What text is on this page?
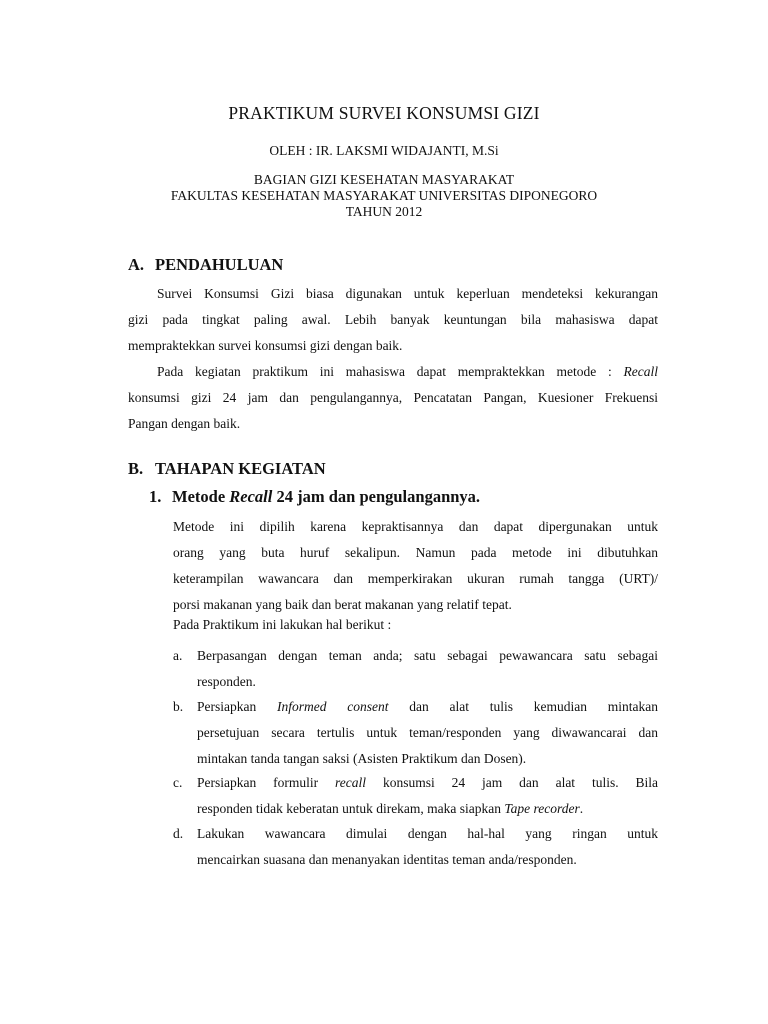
PRAKTIKUM SURVEI KONSUMSI GIZI
OLEH : IR. LAKSMI WIDAJANTI, M.Si
BAGIAN GIZI KESEHATAN MASYARAKAT
FAKULTAS KESEHATAN MASYARAKAT UNIVERSITAS DIPONEGORO
TAHUN 2012
A. PENDAHULUAN
Survei Konsumsi Gizi biasa digunakan untuk keperluan mendeteksi kekurangan
gizi pada tingkat paling awal. Lebih banyak keuntungan bila mahasiswa dapat
mempraktekkan survei konsumsi gizi dengan baik.
Pada kegiatan praktikum ini mahasiswa dapat mempraktekkan metode : Recall
konsumsi gizi 24 jam dan pengulangannya, Pencatatan Pangan, Kuesioner Frekuensi
Pangan dengan baik.
B. TAHAPAN KEGIATAN
1. Metode Recall 24 jam dan pengulangannya.
Metode ini dipilih karena kepraktisannya dan dapat dipergunakan untuk
orang yang buta huruf sekalipun. Namun pada metode ini dibutuhkan
keterampilan wawancara dan memperkirakan ukuran rumah tangga (URT)/
porsi makanan yang baik dan berat makanan yang relatif tepat.
Pada Praktikum ini lakukan hal berikut :
a.	Berpasangan dengan teman anda; satu sebagai pewawancara satu sebagai
responden.
b.	Persiapkan Informed consent dan alat tulis kemudian mintakan
persetujuan secara tertulis untuk teman/responden yang diwawancarai dan
mintakan tanda tangan saksi (Asisten Praktikum dan Dosen).
c.	Persiapkan formulir recall konsumsi 24 jam dan alat tulis. Bila
responden tidak keberatan untuk direkam, maka siapkan Tape recorder.
d.	Lakukan wawancara dimulai dengan hal-hal yang ringan untuk
mencairkan suasana dan menanyakan identitas teman anda/responden.
